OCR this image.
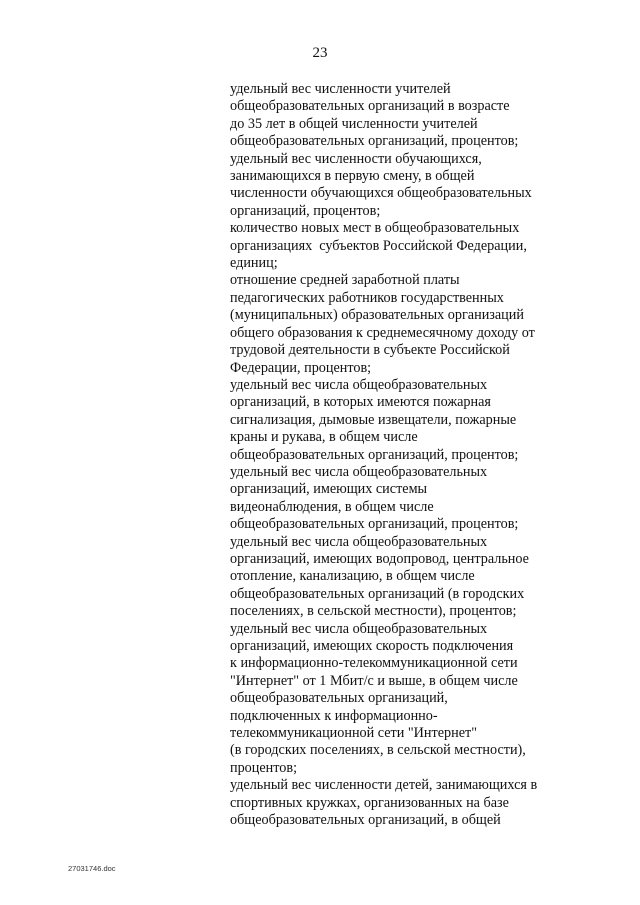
23
удельный вес численности учителей
общеобразовательных организаций в возрасте
до 35 лет в общей численности учителей
общеобразовательных организаций, процентов;
удельный вес численности обучающихся,
занимающихся в первую смену, в общей
численности обучающихся общеобразовательных
организаций, процентов;
количество новых мест в общеобразовательных
организациях  субъектов Российской Федерации,
единиц;
отношение средней заработной платы
педагогических работников государственных
(муниципальных) образовательных организаций
общего образования к среднемесячному доходу от
трудовой деятельности в субъекте Российской
Федерации, процентов;
удельный вес числа общеобразовательных
организаций, в которых имеются пожарная
сигнализация, дымовые извещатели, пожарные
краны и рукава, в общем числе
общеобразовательных организаций, процентов;
удельный вес числа общеобразовательных
организаций, имеющих системы
видеонаблюдения, в общем числе
общеобразовательных организаций, процентов;
удельный вес числа общеобразовательных
организаций, имеющих водопровод, центральное
отопление, канализацию, в общем числе
общеобразовательных организаций (в городских
поселениях, в сельской местности), процентов;
удельный вес числа общеобразовательных
организаций, имеющих скорость подключения
к информационно-телекоммуникационной сети
"Интернет" от 1 Мбит/с и выше, в общем числе
общеобразовательных организаций,
подключенных к информационно-
телекоммуникационной сети "Интернет"
(в городских поселениях, в сельской местности),
процентов;
удельный вес численности детей, занимающихся в
спортивных кружках, организованных на базе
общеобразовательных организаций, в общей
27031746.doc
